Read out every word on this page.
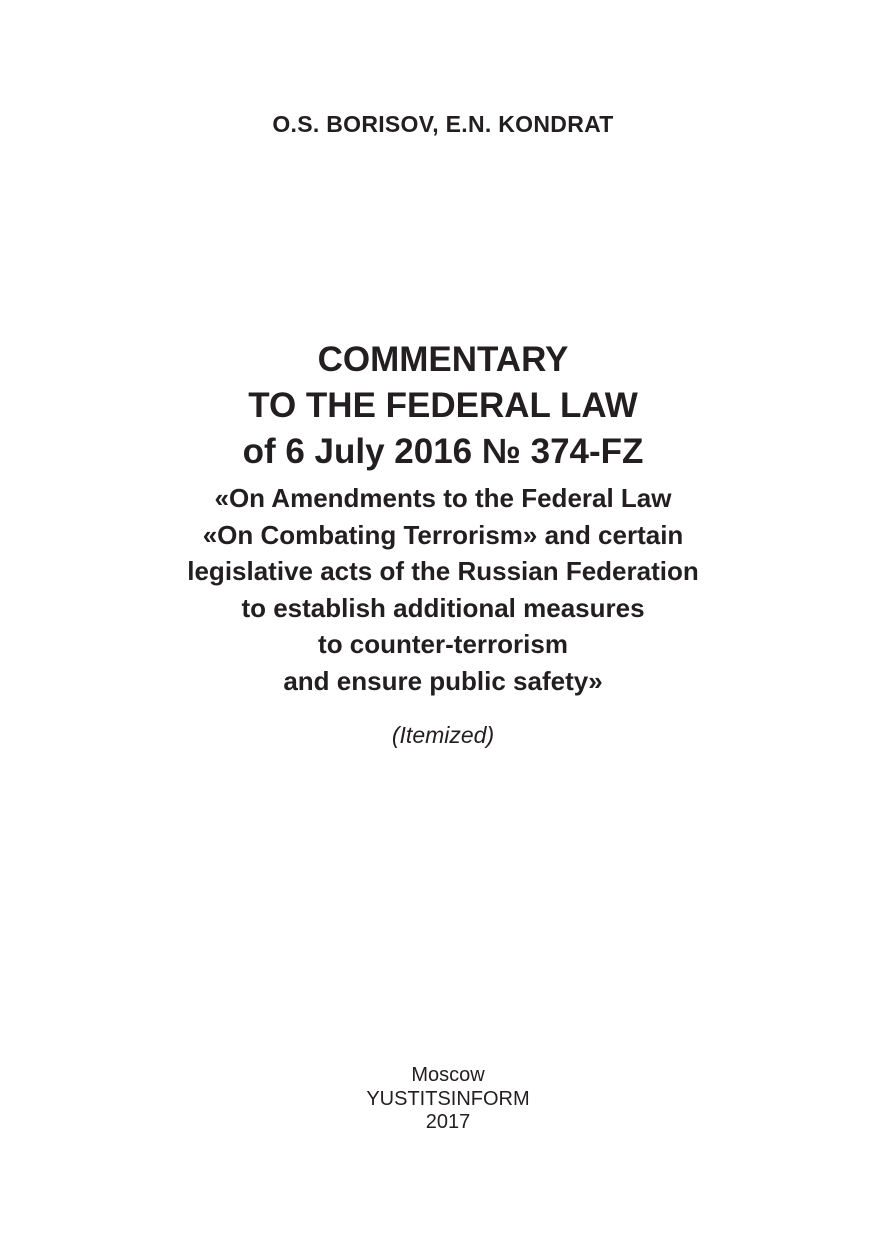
O.S. BORISOV, E.N. KONDRAT
COMMENTARY
TO THE FEDERAL LAW
of 6 July 2016 № 374-FZ
«On Amendments to the Federal Law
«On Combating Terrorism» and certain
legislative acts of the Russian Federation
to establish additional measures
to counter-terrorism
and ensure public safety»
(Itemized)
Moscow
YUSTITSINFORM
2017
